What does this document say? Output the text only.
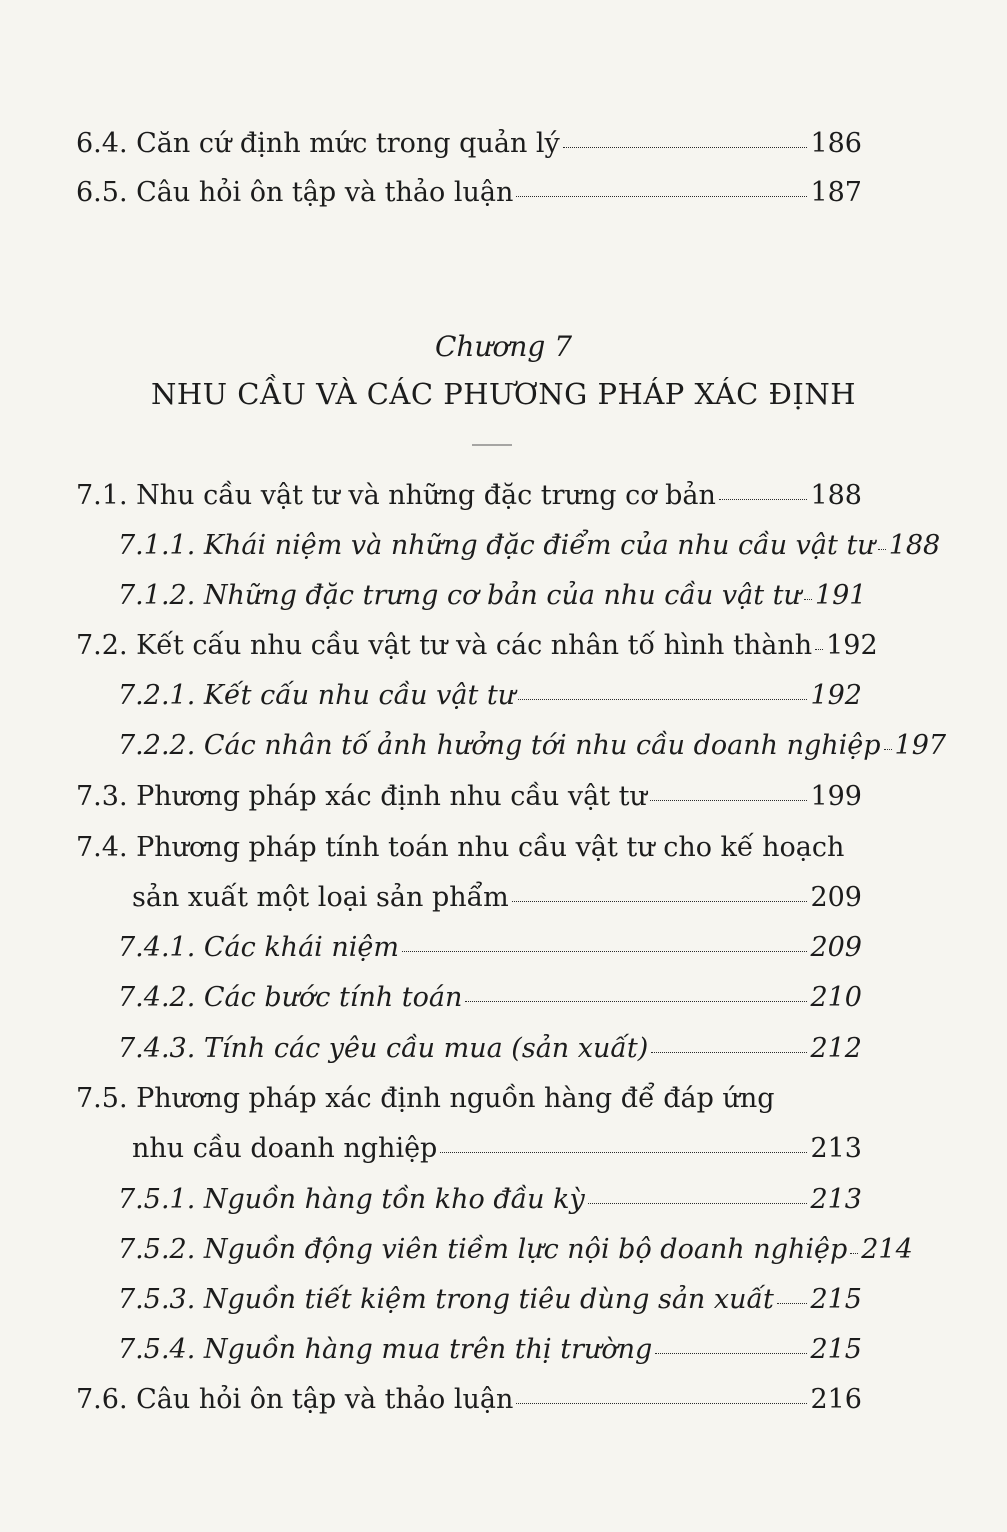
6.4. Căn cứ định mức trong quản lý	186
6.5. Câu hỏi ôn tập và thảo luận	187
Chương 7
NHU CẦU VÀ CÁC PHƯƠNG PHÁP XÁC ĐỊNH
7.1. Nhu cầu vật tư và những đặc trưng cơ bản	188
7.1.1. Khái niệm và những đặc điểm của nhu cầu vật tư 188
7.1.2. Những đặc trưng cơ bản của nhu cầu vật tư 191
7.2. Kết cấu nhu cầu vật tư và các nhân tố hình thành 192
7.2.1. Kết cấu nhu cầu vật tư	192
7.2.2. Các nhân tố ảnh hưởng tới nhu cầu doanh nghiệp 197
7.3. Phương pháp xác định nhu cầu vật tư	199
7.4. Phương pháp tính toán nhu cầu vật tư cho kế hoạch
sản xuất một loại sản phẩm	209
7.4.1. Các khái niệm	209
7.4.2. Các bước tính toán	210
7.4.3. Tính các yêu cầu mua (sản xuất)	212
7.5. Phương pháp xác định nguồn hàng để đáp ứng
nhu cầu doanh nghiệp	213
7.5.1. Nguồn hàng tồn kho đầu kỳ	213
7.5.2. Nguồn động viên tiềm lực nội bộ doanh nghiệp 214
7.5.3. Nguồn tiết kiệm trong tiêu dùng sản xuất 215
7.5.4. Nguồn hàng mua trên thị trường	215
7.6. Câu hỏi ôn tập và thảo luận	216
